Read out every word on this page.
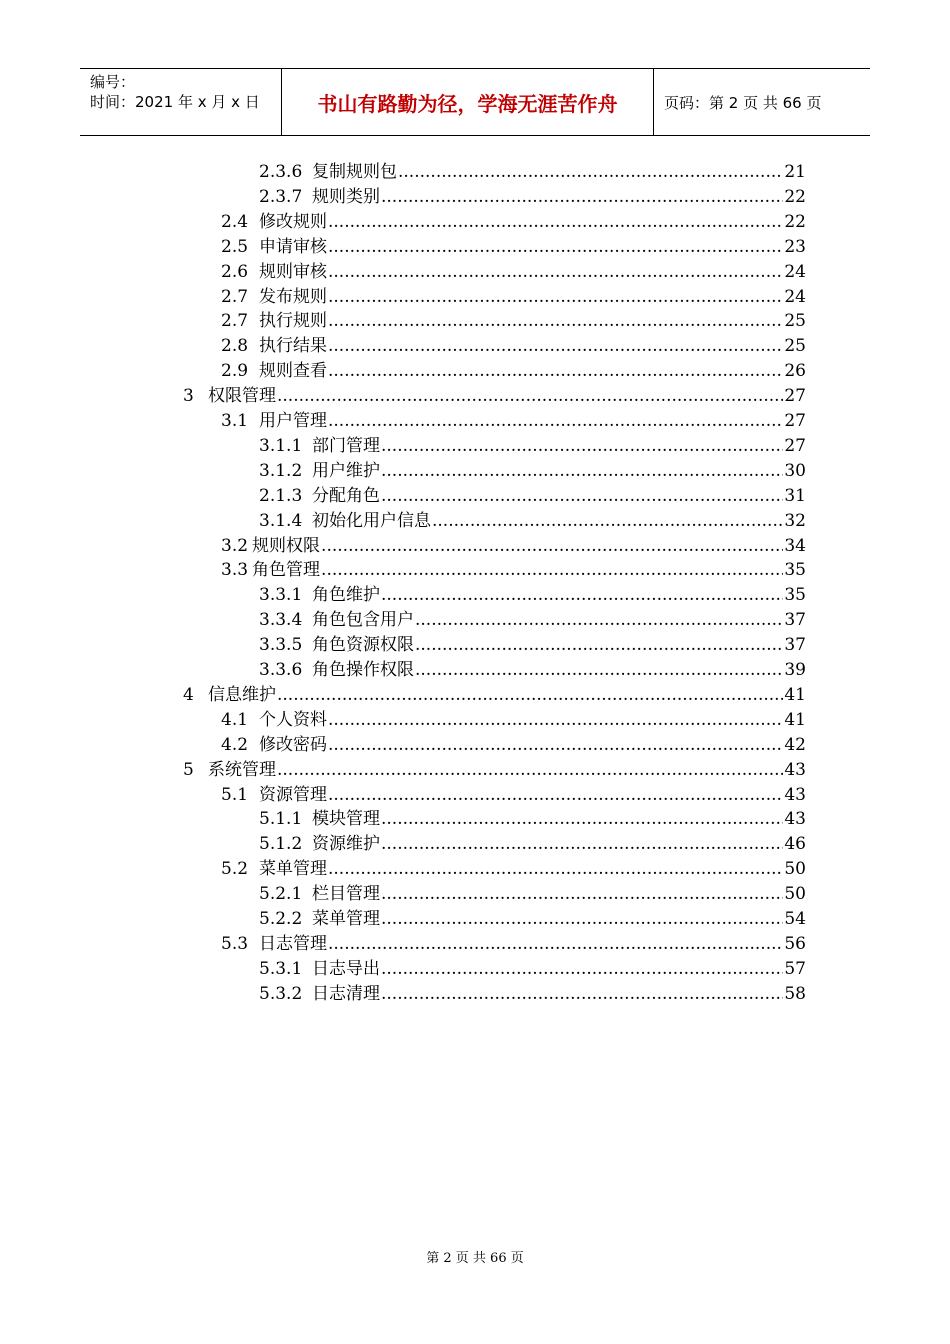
编号：
时间：2021 年 x 月 x 日	书山有路勤为径，学海无涯苦作舟	页码：第 2 页 共 66 页
2.3.6 复制规则包 .....	21
2.3.7 规则类别 .....	22
2.4 修改规则 .....	22
2.5 申请审核 .....	23
2.6 规则审核 .....	24
2.7 发布规则 .....	24
2.7 执行规则 .....	25
2.8 执行结果 .....	25
2.9 规则查看 .....	26
3 权限管理 .....	27
3.1 用户管理 .....	27
3.1.1 部门管理 .....	27
3.1.2 用户维护 .....	30
2.1.3 分配角色 .....	31
3.1.4 初始化用户信息 .....	32
3.2 规则权限 .....	34
3.3 角色管理 .....	35
3.3.1 角色维护 .....	35
3.3.4 角色包含用户 .....	37
3.3.5 角色资源权限 .....	37
3.3.6 角色操作权限 .....	39
4 信息维护 .....	41
4.1 个人资料 .....	41
4.2 修改密码 .....	42
5 系统管理 .....	43
5.1 资源管理 .....	43
5.1.1 模块管理 .....	43
5.1.2 资源维护 .....	46
5.2 菜单管理 .....	50
5.2.1 栏目管理 .....	50
5.2.2 菜单管理 .....	54
5.3 日志管理 .....	56
5.3.1 日志导出 .....	57
5.3.2 日志清理 .....	58
第 2 页 共 66 页
